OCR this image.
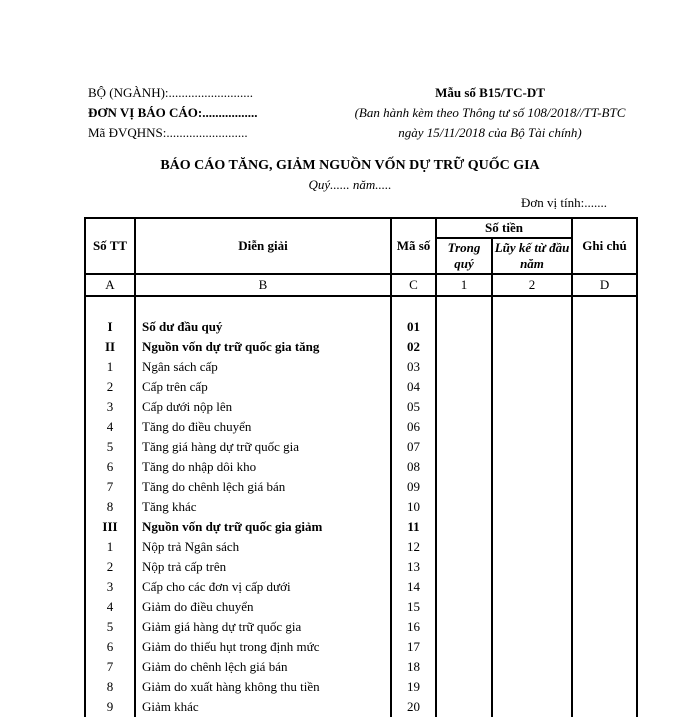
BỘ (NGÀNH):..........................
ĐƠN VỊ BÁO CÁO:.................
Mã ĐVQHNS:.........................
Mẫu số B15/TC-DT
(Ban hành kèm theo Thông tư số 108/2018//TT-BTC
ngày 15/11/2018 của Bộ Tài chính)
BÁO CÁO TĂNG, GIẢM NGUỒN VỐN DỰ TRỮ QUỐC GIA
Quý...... năm.....
Đơn vị tính:.......
Số TT	Diễn giải	Mã số	Số tiền		Ghi chú
			Trong quý	Lũy kế từ đầu năm	
A	B	C	1	2	D

I	Số dư đầu quý	01			
II	Nguồn vốn dự trữ quốc gia tăng	02			
1	Ngân sách cấp	03			
2	Cấp trên cấp	04			
3	Cấp dưới nộp lên	05			
4	Tăng do điều chuyển	06			
5	Tăng giá hàng dự trữ quốc gia	07			
6	Tăng do nhập dôi kho	08			
7	Tăng do chênh lệch giá bán	09			
8	Tăng khác	10			
III	Nguồn vốn dự trữ quốc gia giảm	11			
1	Nộp trả Ngân sách	12			
2	Nộp trả cấp trên	13			
3	Cấp cho các đơn vị cấp dưới	14			
4	Giảm do điều chuyển	15			
5	Giảm giá hàng dự trữ quốc gia	16			
6	Giảm do thiếu hụt trong định mức	17			
7	Giảm do chênh lệch giá bán	18			
8	Giảm do xuất hàng không thu tiền	19			
9	Giảm khác	20			
